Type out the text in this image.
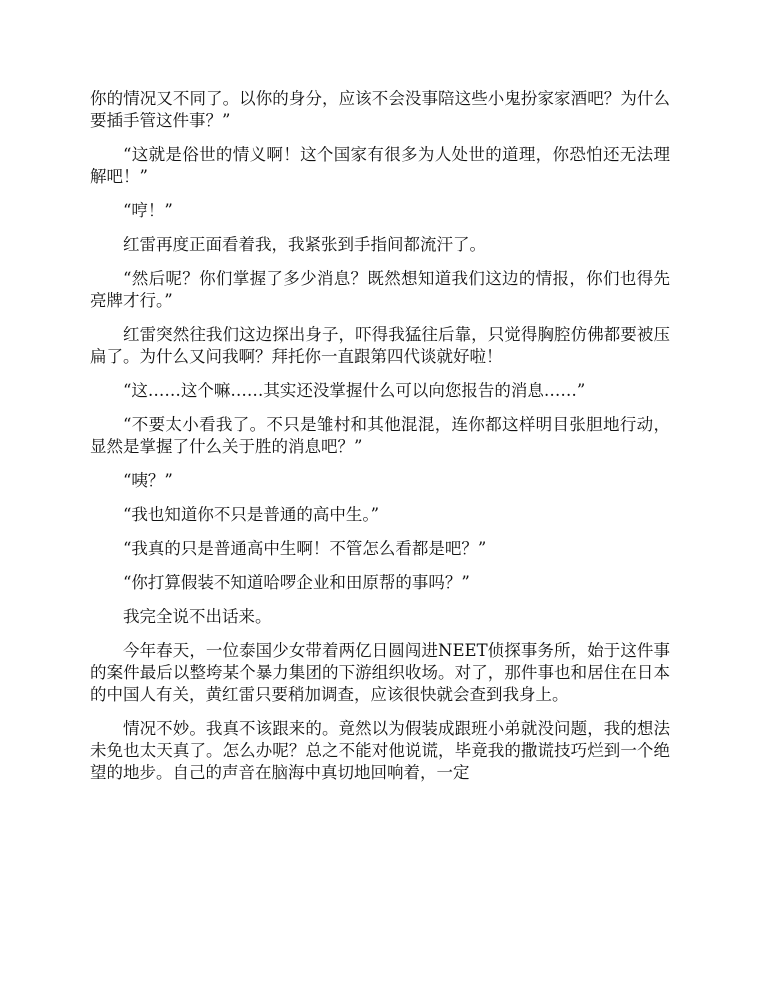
你的情况又不同了。以你的身分，应该不会没事陪这些小鬼扮家家酒吧？为什么要插手管这件事？”

“这就是俗世的情义啊！这个国家有很多为人处世的道理，你恐怕还无法理解吧！”

“哼！”

红雷再度正面看着我，我紧张到手指间都流汗了。

“然后呢？你们掌握了多少消息？既然想知道我们这边的情报，你们也得先亮牌才行。”

红雷突然往我们这边探出身子，吓得我猛往后靠，只觉得胸腔仿佛都要被压扁了。为什么又问我啊？拜托你一直跟第四代谈就好啦！

“这……这个嘛……其实还没掌握什么可以向您报告的消息……”

“不要太小看我了。不只是雏村和其他混混，连你都这样明目张胆地行动，显然是掌握了什么关于胜的消息吧？”

“咦？”

“我也知道你不只是普通的高中生。”

“我真的只是普通高中生啊！不管怎么看都是吧？”

“你打算假装不知道哈啰企业和田原帮的事吗？”

我完全说不出话来。

今年春天，一位泰国少女带着两亿日圆闯进NEET侦探事务所，始于这件事的案件最后以整垮某个暴力集团的下游组织收场。对了，那件事也和居住在日本的中国人有关，黄红雷只要稍加调查，应该很快就会查到我身上。

情况不妙。我真不该跟来的。竟然以为假装成跟班小弟就没问题，我的想法未免也太天真了。怎么办呢？总之不能对他说谎，毕竟我的撒谎技巧烂到一个绝望的地步。自己的声音在脑海中真切地回响着，一定
